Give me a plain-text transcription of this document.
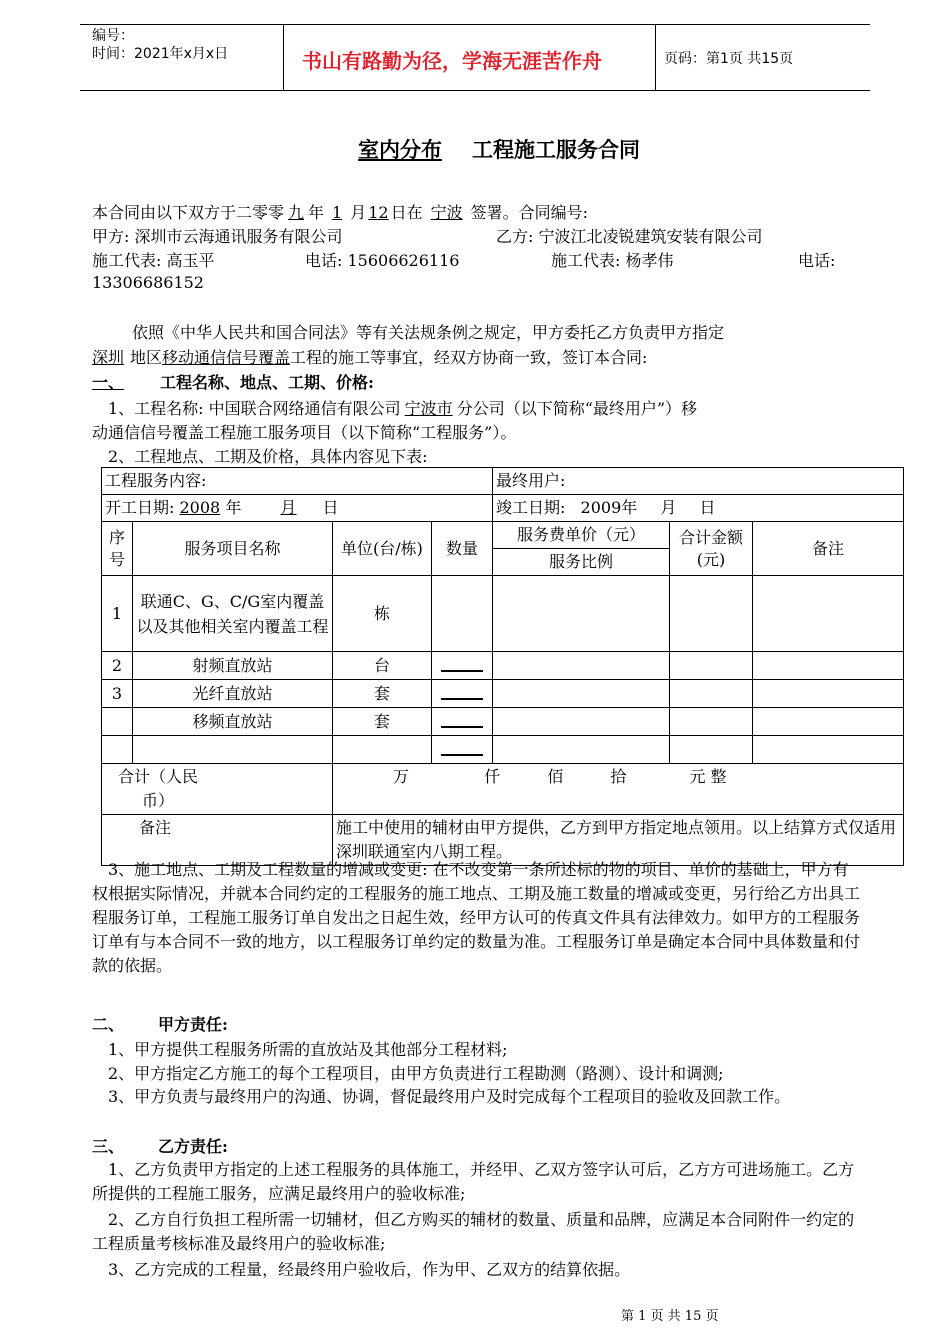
编号：
时间：2021年x月x日	书山有路勤为径，学海无涯苦作舟	页码：第1页 共15页
室内分布 工程施工服务合同
本合同由以下双方于二零零 九 年 1 月 12 日在 宁波 签署。合同编号:
甲方: 深圳市云海通讯服务有限公司	乙方: 宁波江北凌锐建筑安装有限公司
施工代表: 高玉平	电话: 15606626116	施工代表: 杨孝伟	电话:
13306686152
依照《中华人民共和国合同法》等有关法规条例之规定，甲方委托乙方负责甲方指定
深圳 地区移动通信信号覆盖工程的施工等事宜，经双方协商一致，签订本合同:
一、 工程名称、地点、工期、价格:
1、工程名称: 中国联合网络通信有限公司 宁波市 分公司（以下简称“最终用户”）移
动通信信号覆盖工程施工服务项目（以下简称“工程服务”）。
2、工程地点、工期及价格，具体内容见下表:
工程服务内容:				最终用户:		
开工日期: 2008 年 月 日				竣工日期: 2009年 月 日		
序号	服务项目名称	单位(台/栋)	数量	服务费单价（元）	合计金额(元)	备注
				服务比例		
1	联通C、G、C/G室内覆盖以及其他相关室内覆盖工程	栋				
2	射频直放站	台				
3	光纤直放站	套				
	移频直放站	套				

合计（人民币）		万 仟 佰 拾 元 整				

备注		施工中使用的辅材由甲方提供，乙方到甲方指定地点领用。以上结算方式仅适用深圳联通室内八期工程。				
3、施工地点、工期及工程数量的增减或变更: 在不改变第一条所述标的物的项目、单价的基础上，甲方有权根据实际情况，并就本合同约定的工程服务的施工地点、工期及施工数量的增减或变更，另行给乙方出具工程服务订单，工程施工服务订单自发出之日起生效，经甲方认可的传真文件具有法律效力。如甲方的工程服务订单有与本合同不一致的地方，以工程服务订单约定的数量为准。工程服务订单是确定本合同中具体数量和付款的依据。
二、 甲方责任:
1、甲方提供工程服务所需的直放站及其他部分工程材料;
2、甲方指定乙方施工的每个工程项目，由甲方负责进行工程勘测（路测）、设计和调测;
3、甲方负责与最终用户的沟通、协调，督促最终用户及时完成每个工程项目的验收及回款工作。
三、 乙方责任:
1、乙方负责甲方指定的上述工程服务的具体施工，并经甲、乙双方签字认可后，乙方方可进场施工。乙方所提供的工程施工服务，应满足最终用户的验收标准;
2、乙方自行负担工程所需一切辅材，但乙方购买的辅材的数量、质量和品牌，应满足本合同附件一约定的工程质量考核标准及最终用户的验收标准;
3、乙方完成的工程量，经最终用户验收后，作为甲、乙双方的结算依据。
第 1 页 共 15 页
